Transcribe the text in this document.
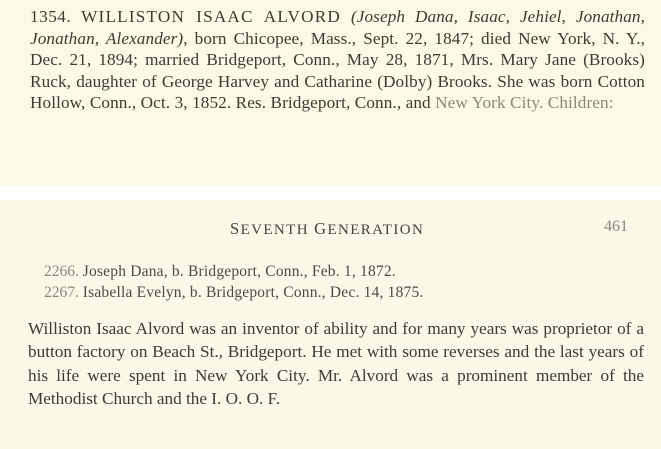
1354. WILLISTON ISAAC ALVORD (Joseph Dana, Isaac, Jehiel, Jonathan, Jonathan, Alexander), born Chicopee, Mass., Sept. 22, 1847; died New York, N. Y., Dec. 21, 1894; married Bridgeport, Conn., May 28, 1871, Mrs. Mary Jane (Brooks) Ruck, daughter of George Harvey and Catharine (Dolby) Brooks. She was born Cotton Hollow, Conn., Oct. 3, 1852. Res. Bridgeport, Conn., and New York City. Children:
SEVENTH GENERATION	461
2266. Joseph Dana, b. Bridgeport, Conn., Feb. 1, 1872.
2267. Isabella Evelyn, b. Bridgeport, Conn., Dec. 14, 1875.
Williston Isaac Alvord was an inventor of ability and for many years was proprietor of a button factory on Beach St., Bridgeport. He met with some reverses and the last years of his life were spent in New York City. Mr. Alvord was a prominent member of the Methodist Church and the I. O. O. F.
